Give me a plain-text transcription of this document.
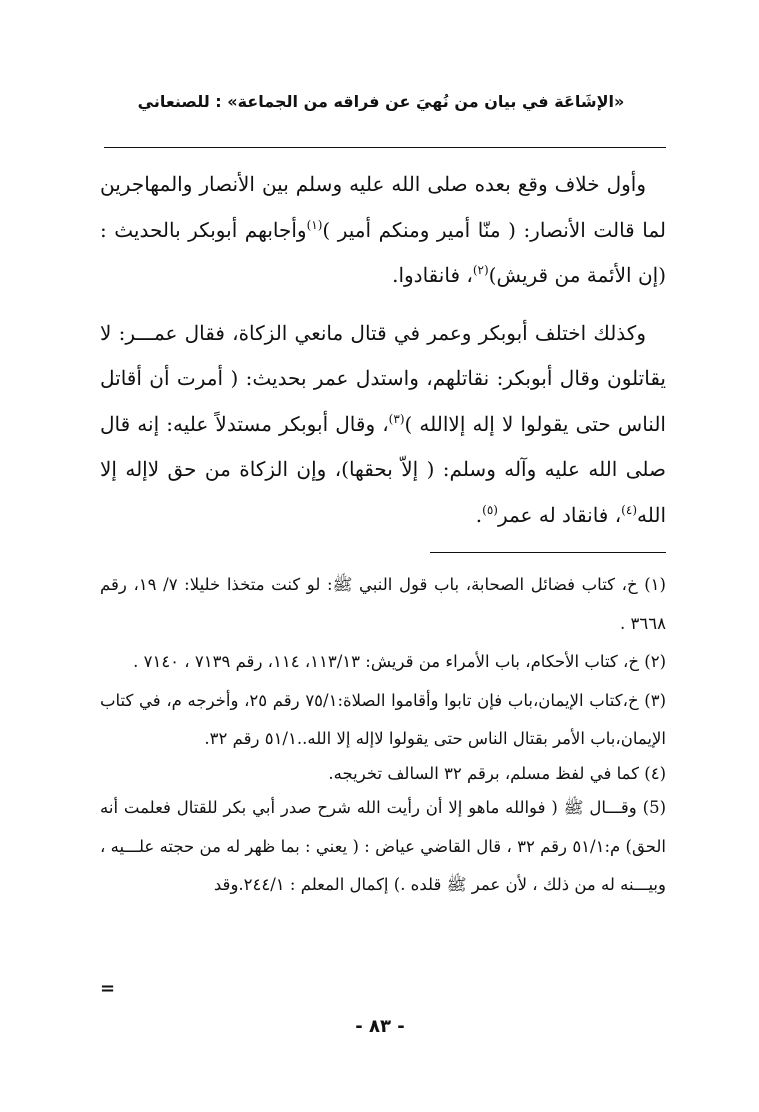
«الإشَاعَة في بيان من نُهيَ عن فراقه من الجماعة» : للصنعاني

وأول خلاف وقع بعده صلى الله عليه وسلم بين الأنصار والمهاجرين لما قالت الأنصار: ( منّا أمير ومنكم أمير )$^{(١)}$وأجابهم أبوبكر بالحديث : (إن الأئمة من قريش)$^{(٢)}$، فانقادوا.

وكذلك اختلف أبوبكر وعمر في قتال مانعي الزكاة، فقال عمـــر: لا يقاتلون وقال أبوبكر: نقاتلهم، واستدل عمر بحديث: ( أمرت أن أقاتل الناس حتى يقولوا لا إله إلاالله )$^{(٣)}$، وقال أبوبكر مستدلاً عليه: إنه قال صلى الله عليه وآله وسلم: ( إلاّ بحقها)، وإن الزكاة من حق لاإله إلا الله$^{(٤)}$، فانقاد له عمر$^{(٥)}$.

(١) خ، كتاب فضائل الصحابة، باب قول النبي ﷺ: لو كنت متخذا خليلا: ٧/ ١٩، رقم ٣٦٦٨ .

(٢) خ، كتاب الأحكام، باب الأمراء من قريش: ١١٣/١٣، ١١٤، رقم ٧١٣٩ ، ٧١٤٠ .

(٣) خ،كتاب الإيمان،باب فإن تابوا وأقاموا الصلاة:٧٥/١ رقم ٢٥، وأخرجه م، في كتاب الإيمان،باب الأمر بقتال الناس حتى يقولوا لاإله إلا الله..٥١/١ رقم ٣٢.

(٤) كما في لفظ مسلم، برقم ٣٢ السالف تخريجه.

(5) وقـــال ﷺ ( فوالله ماهو إلا أن رأيت الله شرح صدر أبي بكر للقتال فعلمت أنه الحق) م:٥١/١ رقم ٣٢ ، قال القاضي عياض : ( يعني : بما ظهر له من حجته علـــيه ، وبيـــنه له من ذلك ، لأن عمر ﷺ قلده .) إكمال المعلم : ٢٤٤/١.وقد

=
- ٨٣ -
